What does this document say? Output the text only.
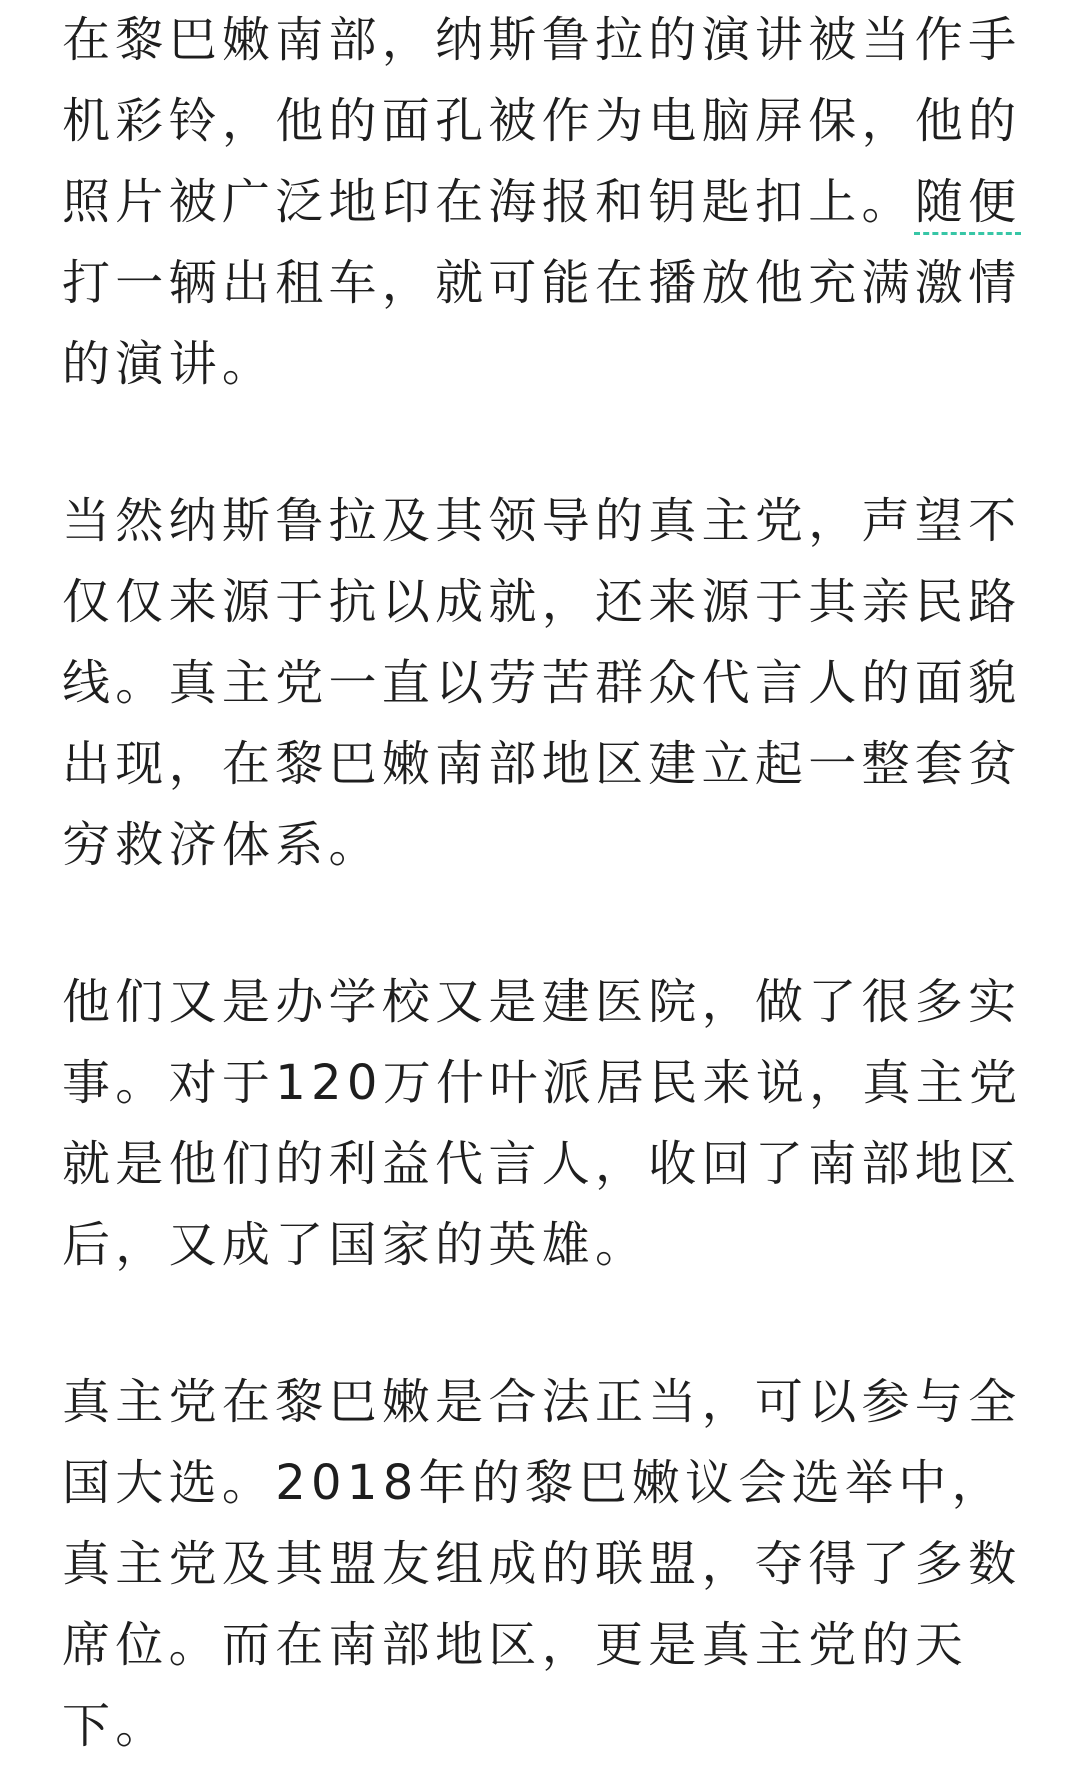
在黎巴嫩南部，纳斯鲁拉的演讲被当作手
机彩铃，他的面孔被作为电脑屏保，他的
照片被广泛地印在海报和钥匙扣上。随便
打一辆出租车，就可能在播放他充满激情
的演讲。

当然纳斯鲁拉及其领导的真主党，声望不
仅仅来源于抗以成就，还来源于其亲民路
线。真主党一直以劳苦群众代言人的面貌
出现，在黎巴嫩南部地区建立起一整套贫
穷救济体系。

他们又是办学校又是建医院，做了很多实
事。对于120万什叶派居民来说，真主党
就是他们的利益代言人，收回了南部地区
后，又成了国家的英雄。

真主党在黎巴嫩是合法正当，可以参与全
国大选。2018年的黎巴嫩议会选举中，
真主党及其盟友组成的联盟，夺得了多数
席位。而在南部地区，更是真主党的天
下。
